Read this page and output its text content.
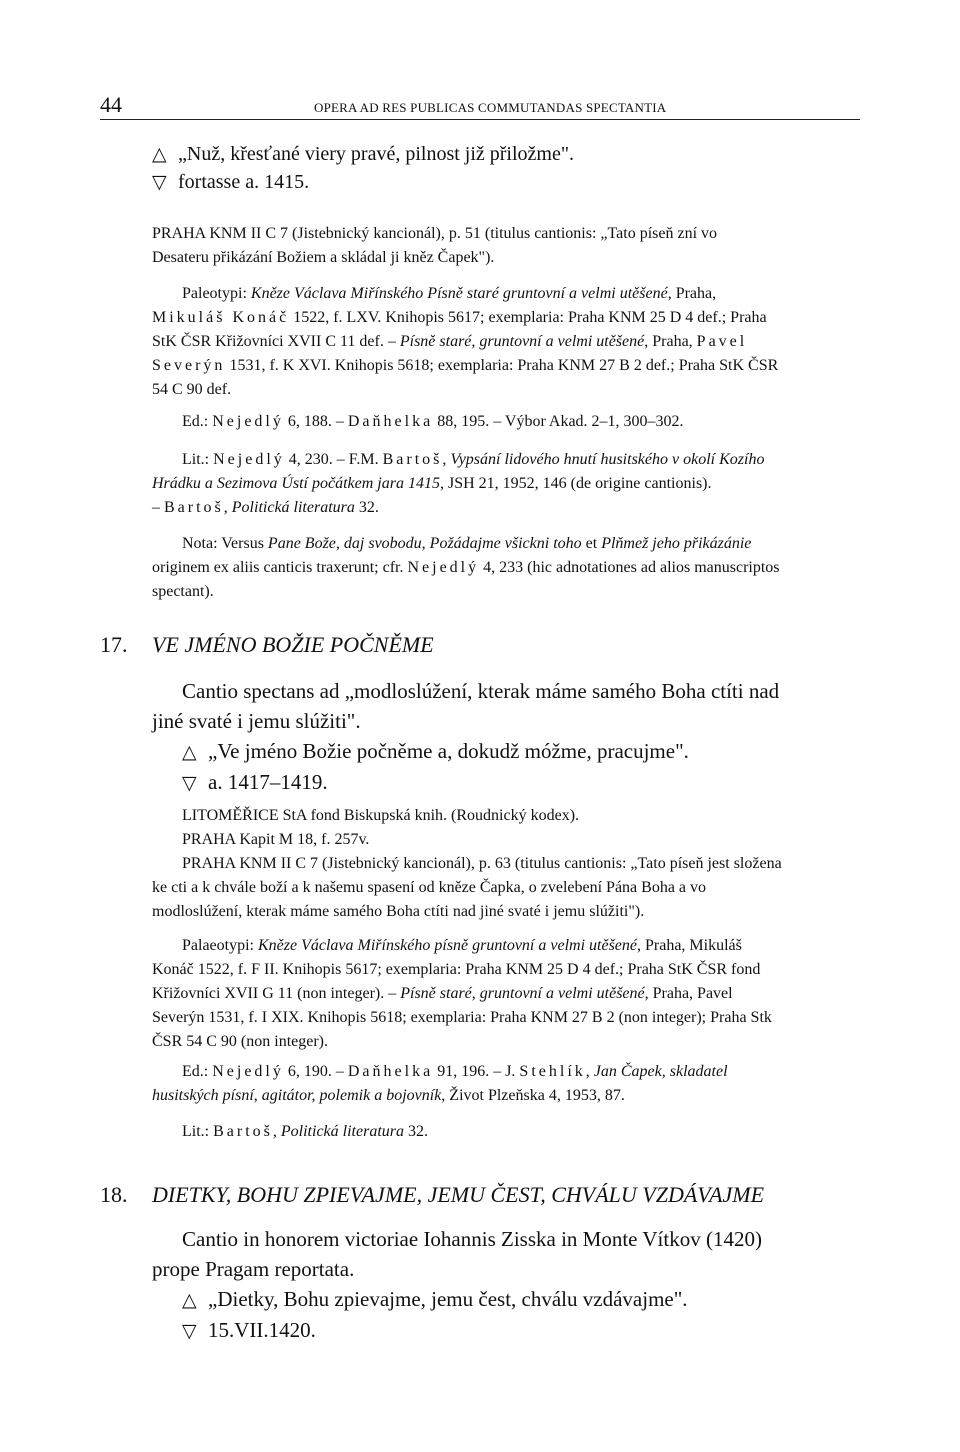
44	OPERA AD RES PUBLICAS COMMUTANDAS SPECTANTIA
△ „Nuž, křesťané viery pravé, pilnost již přiložme".
▽ fortasse a. 1415.
PRAHA KNM II C 7 (Jistebnický kancionál), p. 51 (titulus cantionis: „Tato píseň zní vo
Desateru přikázání Božiem a skládal ji kněz Čapek").
Paleotypi: Kněze Václava Miřínského Písně staré gruntovní a velmi utěšené, Praha,
Mikuláš Konáč 1522, f. LXV. Knihopis 5617; exemplaria: Praha KNM 25 D 4 def.; Praha
StK ČSR Křižovníci XVII C 11 def. – Písně staré, gruntovní a velmi utěšené, Praha, Pavel
Severýn 1531, f. K XVI. Knihopis 5618; exemplaria: Praha KNM 27 B 2 def.; Praha StK ČSR
54 C 90 def.
Ed.: Nejedlý 6, 188. – Daňhelka 88, 195. – Výbor Akad. 2–1, 300–302.
Lit.: Nejedlý 4, 230. – F.M. Bartoš, Vypsání lidového hnutí husitského v okolí Kozího
Hrádku a Sezimova Ústí počátkem jara 1415, JSH 21, 1952, 146 (de origine cantionis).
– Bartoš, Politická literatura 32.
Nota: Versus Pane Bože, daj svobodu, Požádajme všickni toho et Plňmež jeho přikázánie
originem ex aliis canticis traxerunt; cfr. Nejedlý 4, 233 (hic adnotationes ad alios manuscriptos
spectant).
17. VE JMÉNO BOŽIE POČNĚME
Cantio spectans ad „modloslúžení, kterak máme samého Boha ctíti nad
jiné svaté i jemu slúžiti".
△ „Ve jméno Božie počněme a, dokudž móžme, pracujme".
▽ a. 1417–1419.
LITOMĚŘICE StA fond Biskupská knih. (Roudnický kodex).
PRAHA Kapit M 18, f. 257v.
PRAHA KNM II C 7 (Jistebnický kancionál), p. 63 (titulus cantionis: „Tato píseň jest složena
ke cti a k chvále boží a k našemu spasení od kněze Čapka, o zvelebení Pána Boha a vo
modloslúžení, kterak máme samého Boha ctíti nad jiné svaté i jemu slúžiti").
Palaeotypi: Kněze Václava Miřínského písně gruntovní a velmi utěšené, Praha, Mikuláš
Konáč 1522, f. F II. Knihopis 5617; exemplaria: Praha KNM 25 D 4 def.; Praha StK ČSR fond
Křižovníci XVII G 11 (non integer). – Písně staré, gruntovní a velmi utěšené, Praha, Pavel
Severýn 1531, f. I XIX. Knihopis 5618; exemplaria: Praha KNM 27 B 2 (non integer); Praha Stk
ČSR 54 C 90 (non integer).
Ed.: Nejedlý 6, 190. – Daňhelka 91, 196. – J. Stehlík, Jan Čapek, skladatel
husitských písní, agitátor, polemik a bojovník, Život Plzeňska 4, 1953, 87.
Lit.: Bartoš, Politická literatura 32.
18. DIETKY, BOHU ZPIEVAJME, JEMU ČEST, CHVÁLU VZDÁVAJME
Cantio in honorem victoriae Iohannis Zisska in Monte Vítkov (1420)
prope Pragam reportata.
△ „Dietky, Bohu zpievajme, jemu čest, chválu vzdávajme".
▽ 15.VII.1420.
